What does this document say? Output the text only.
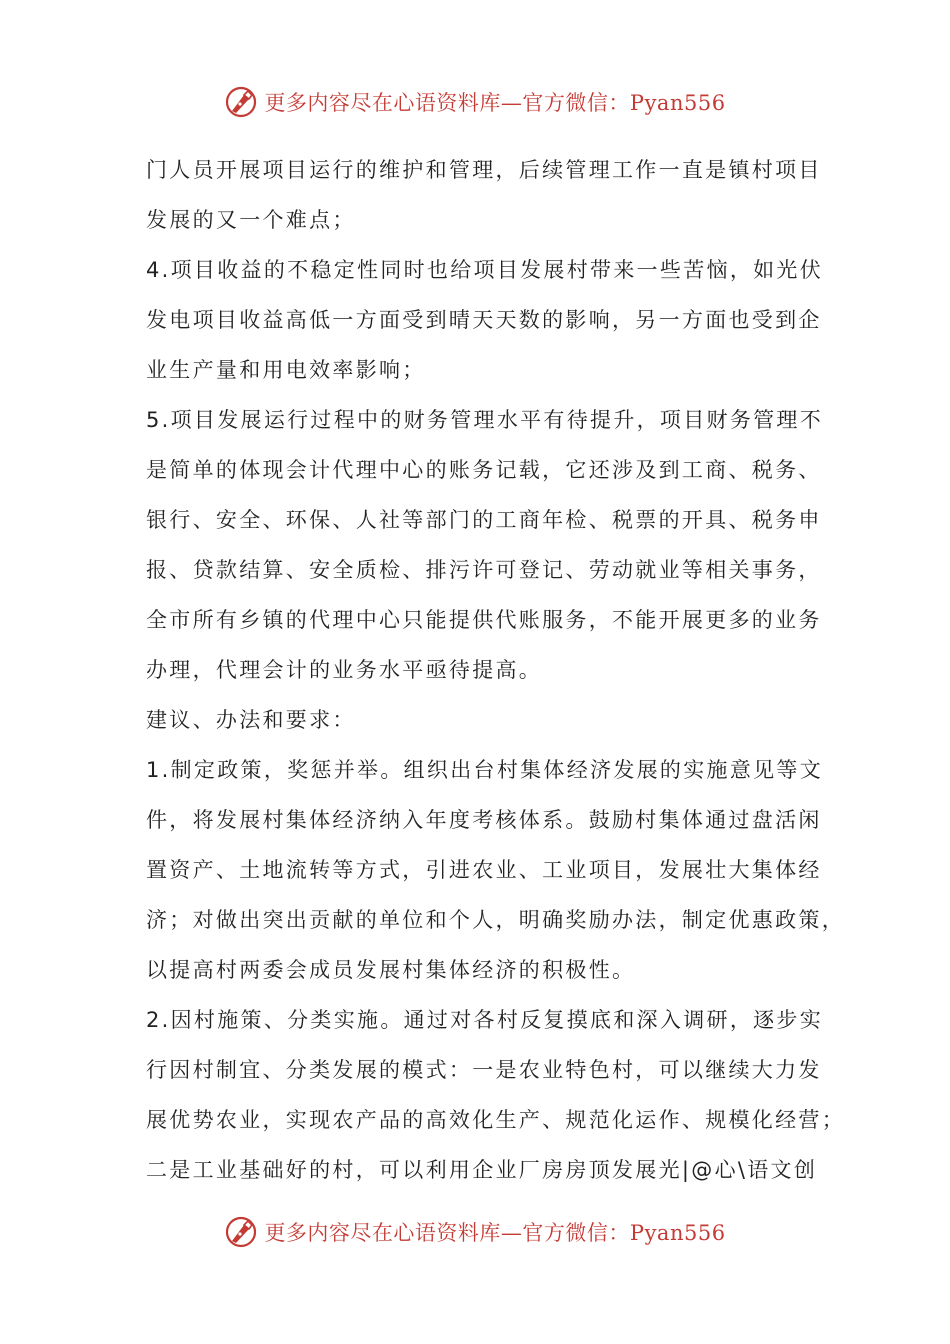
更多内容尽在心语资料库—官方微信：Pyan556
门人员开展项目运行的维护和管理，后续管理工作一直是镇村项目
发展的又一个难点；
4.项目收益的不稳定性同时也给项目发展村带来一些苦恼，如光伏
发电项目收益高低一方面受到晴天天数的影响，另一方面也受到企
业生产量和用电效率影响；
5.项目发展运行过程中的财务管理水平有待提升，项目财务管理不
是简单的体现会计代理中心的账务记载，它还涉及到工商、税务、
银行、安全、环保、人社等部门的工商年检、税票的开具、税务申
报、贷款结算、安全质检、排污许可登记、劳动就业等相关事务，
全市所有乡镇的代理中心只能提供代账服务，不能开展更多的业务
办理，代理会计的业务水平亟待提高。
建议、办法和要求：
1.制定政策，奖惩并举。组织出台村集体经济发展的实施意见等文
件，将发展村集体经济纳入年度考核体系。鼓励村集体通过盘活闲
置资产、土地流转等方式，引进农业、工业项目，发展壮大集体经
济；对做出突出贡献的单位和个人，明确奖励办法，制定优惠政策，
以提高村两委会成员发展村集体经济的积极性。
2.因村施策、分类实施。通过对各村反复摸底和深入调研，逐步实
行因村制宜、分类发展的模式：一是农业特色村，可以继续大力发
展优势农业，实现农产品的高效化生产、规范化运作、规模化经营；
二是工业基础好的村，可以利用企业厂房房顶发展光|@心\语文创
更多内容尽在心语资料库—官方微信：Pyan556
